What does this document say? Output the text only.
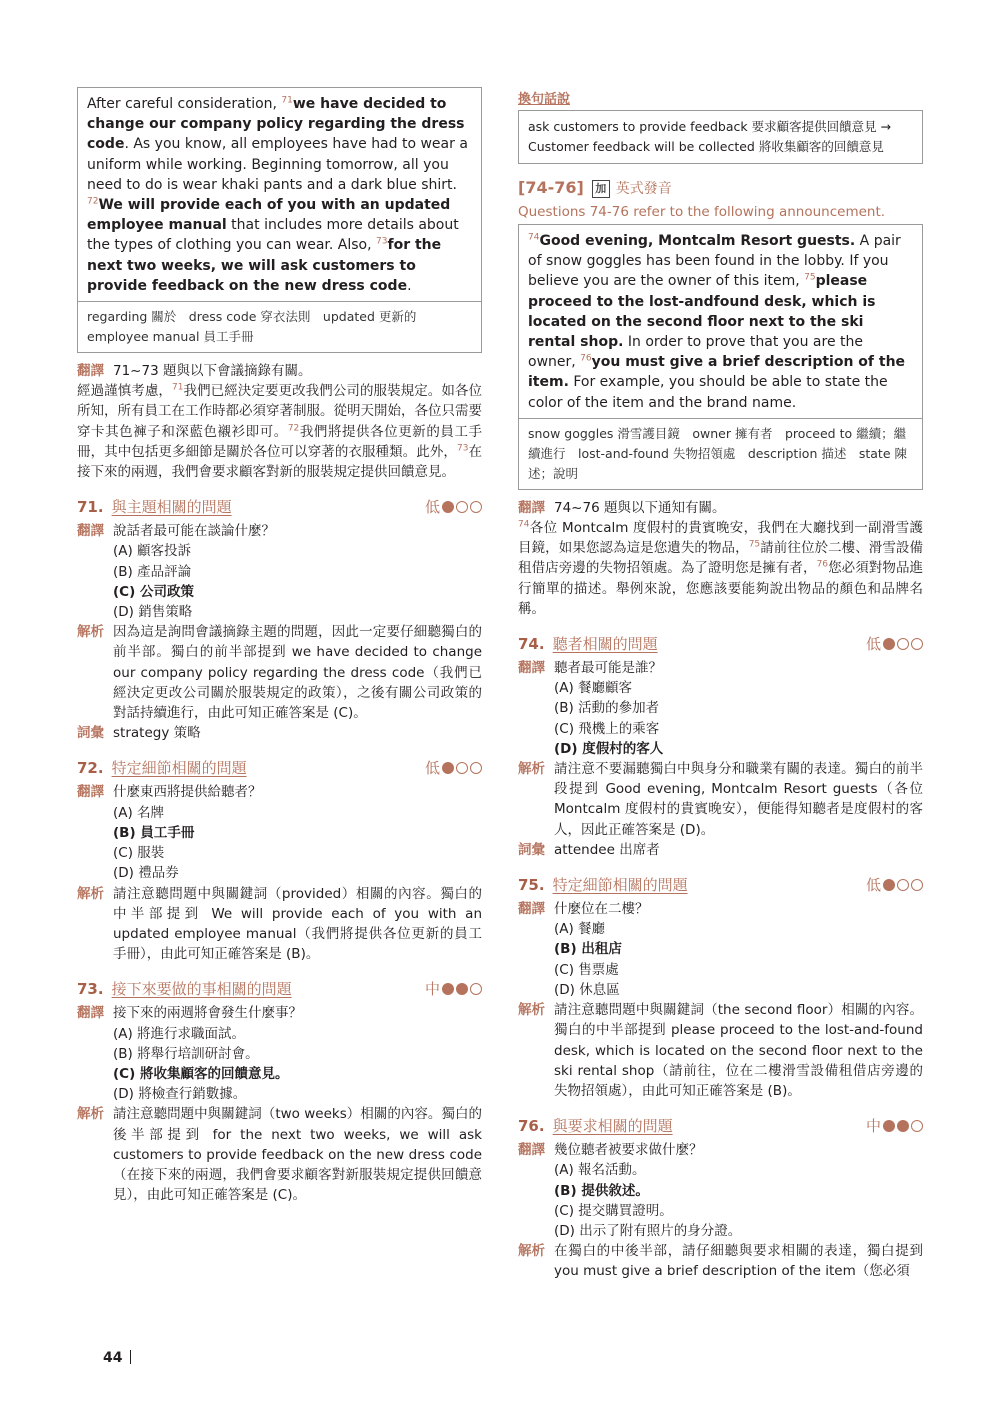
After careful consideration, $^{71}$we have decided to change our company policy regarding the dress code. As you know, all employees have had to wear a uniform while working. Beginning tomorrow, all you need to do is wear khaki pants and a dark blue shirt. $^{72}$We will provide each of you with an updated employee manual that includes more details about the types of clothing you can wear. Also, $^{73}$for the next two weeks, we will ask customers to provide feedback on the new dress code.
regarding 關於　dress code 穿衣法則　updated 更新的　employee manual 員工手冊
翻譯 71~73 題與以下會議摘錄有關。
經過謹慎考慮，$^{71}$我們已經決定要更改我們公司的服裝規定。如各位所知，所有員工在工作時都必須穿著制服。從明天開始，各位只需要穿卡其色褲子和深藍色襯衫即可。$^{72}$我們將提供各位更新的員工手冊，其中包括更多細節是關於各位可以穿著的衣服種類。此外，$^{73}$在接下來的兩週，我們會要求顧客對新的服裝規定提供回饋意見。
71. 與主題相關的問題	低
翻譯 說話者最可能在談論什麼？
(A) 顧客投訴
(B) 產品評論
(C) 公司政策
(D) 銷售策略
解析 因為這是詢問會議摘錄主題的問題，因此一定要仔細聽獨白的前半部。獨白的前半部提到 we have decided to change our company policy regarding the dress code（我們已經決定更改公司關於服裝規定的政策），之後有關公司政策的對話持續進行，由此可知正確答案是 (C)。
詞彙 strategy 策略
72. 特定細節相關的問題	低
翻譯 什麼東西將提供給聽者？
(A) 名牌
(B) 員工手冊
(C) 服裝
(D) 禮品券
解析 請注意聽問題中與關鍵詞（provided）相關的內容。獨白的中半部提到 We will provide each of you with an updated employee manual（我們將提供各位更新的員工手冊），由此可知正確答案是 (B)。
73. 接下來要做的事相關的問題	中
翻譯 接下來的兩週將會發生什麼事？
(A) 將進行求職面試。
(B) 將舉行培訓研討會。
(C) 將收集顧客的回饋意見。
(D) 將檢查行銷數據。
解析 請注意聽問題中與關鍵詞（two weeks）相關的內容。獨白的後半部提到 for the next two weeks, we will ask customers to provide feedback on the new dress code（在接下來的兩週，我們會要求顧客對新服裝規定提供回饋意見），由此可知正確答案是 (C)。
換句話說
ask customers to provide feedback 要求顧客提供回饋意見 → Customer feedback will be collected 將收集顧客的回饋意見
[74-76] 加 英式發音
Questions 74-76 refer to the following announcement.
$^{74}$Good evening, Montcalm Resort guests. A pair of snow goggles has been found in the lobby. If you believe you are the owner of this item, $^{75}$please proceed to the lost-andfound desk, which is located on the second floor next to the ski rental shop. In order to prove that you are the owner, $^{76}$you must give a brief description of the item. For example, you should be able to state the color of the item and the brand name.
snow goggles 滑雪護目鏡　owner 擁有者　proceed to 繼續；繼續進行　lost-and-found 失物招領處　description 描述　state 陳述；說明
翻譯 74~76 題與以下通知有關。
$^{74}$各位 Montcalm 度假村的貴賓晚安，我們在大廳找到一副滑雪護目鏡，如果您認為這是您遺失的物品，$^{75}$請前往位於二樓、滑雪設備租借店旁邊的失物招領處。為了證明您是擁有者，$^{76}$您必須對物品進行簡單的描述。舉例來說，您應該要能夠說出物品的顏色和品牌名稱。
74. 聽者相關的問題	低
翻譯 聽者最可能是誰？
(A) 餐廳顧客
(B) 活動的參加者
(C) 飛機上的乘客
(D) 度假村的客人
解析 請注意不要漏聽獨白中與身分和職業有關的表達。獨白的前半段提到 Good evening, Montcalm Resort guests（各位 Montcalm 度假村的貴賓晚安），便能得知聽者是度假村的客人，因此正確答案是 (D)。
詞彙 attendee 出席者
75. 特定細節相關的問題	低
翻譯 什麼位在二樓？
(A) 餐廳
(B) 出租店
(C) 售票處
(D) 休息區
解析 請注意聽問題中與關鍵詞（the second floor）相關的內容。獨白的中半部提到 please proceed to the lost-and-found desk, which is located on the second floor next to the ski rental shop（請前往，位在二樓滑雪設備租借店旁邊的失物招領處），由此可知正確答案是 (B)。
76. 與要求相關的問題	中
翻譯 幾位聽者被要求做什麼？
(A) 報名活動。
(B) 提供敘述。
(C) 提交購買證明。
(D) 出示了附有照片的身分證。
解析 在獨白的中後半部，請仔細聽與要求相關的表達，獨白提到 you must give a brief description of the item（您必須
44
